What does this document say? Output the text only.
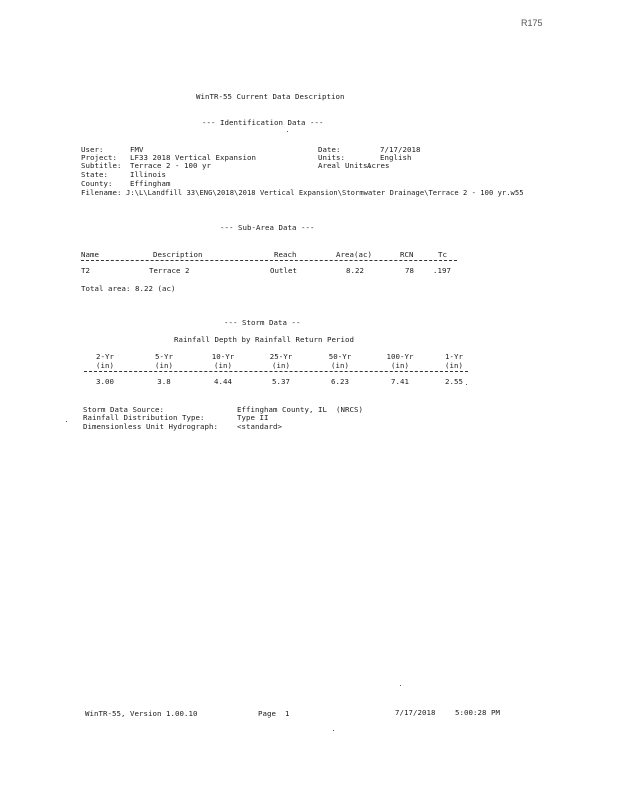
R175
WinTR-55 Current Data Description
--- Identification Data ---
User:	FMV
Project: LF33 2018 Vertical Expansion
Subtitle: Terrace 2 - 100 yr
State:	Illinois
County: Effingham
Date:	7/17/2018
Units:	English
Areal Units:
Acres
Filename: J:\L\Landfill 33\ENG\2018\2018 Vertical Expansion\Stormwater Drainage\Terrace 2 - 100 yr.w55
--- Sub-Area Data ---
Name	Description	Reach	Area(ac)	RCN	Tc
T2	Terrace 2	Outlet	8.22	78	.197
Total area: 8.22 (ac)
--- Storm Data --
Rainfall Depth by Rainfall Return Period
2-Yr	5-Yr	10-Yr	25-Yr	50-Yr	100-Yr	1-Yr
(in)	(in)	(in)	(in)	(in)	(in)	(in)
3.00	3.8	4.44	5.37	6.23	7.41	2.55
Storm Data Source:	Effingham County, IL  (NRCS)
Rainfall Distribution Type:	Type II
Dimensionless Unit Hydrograph:	<standard>
WinTR-55, Version 1.00.10	Page  1	7/17/2018	5:00:28 PM
